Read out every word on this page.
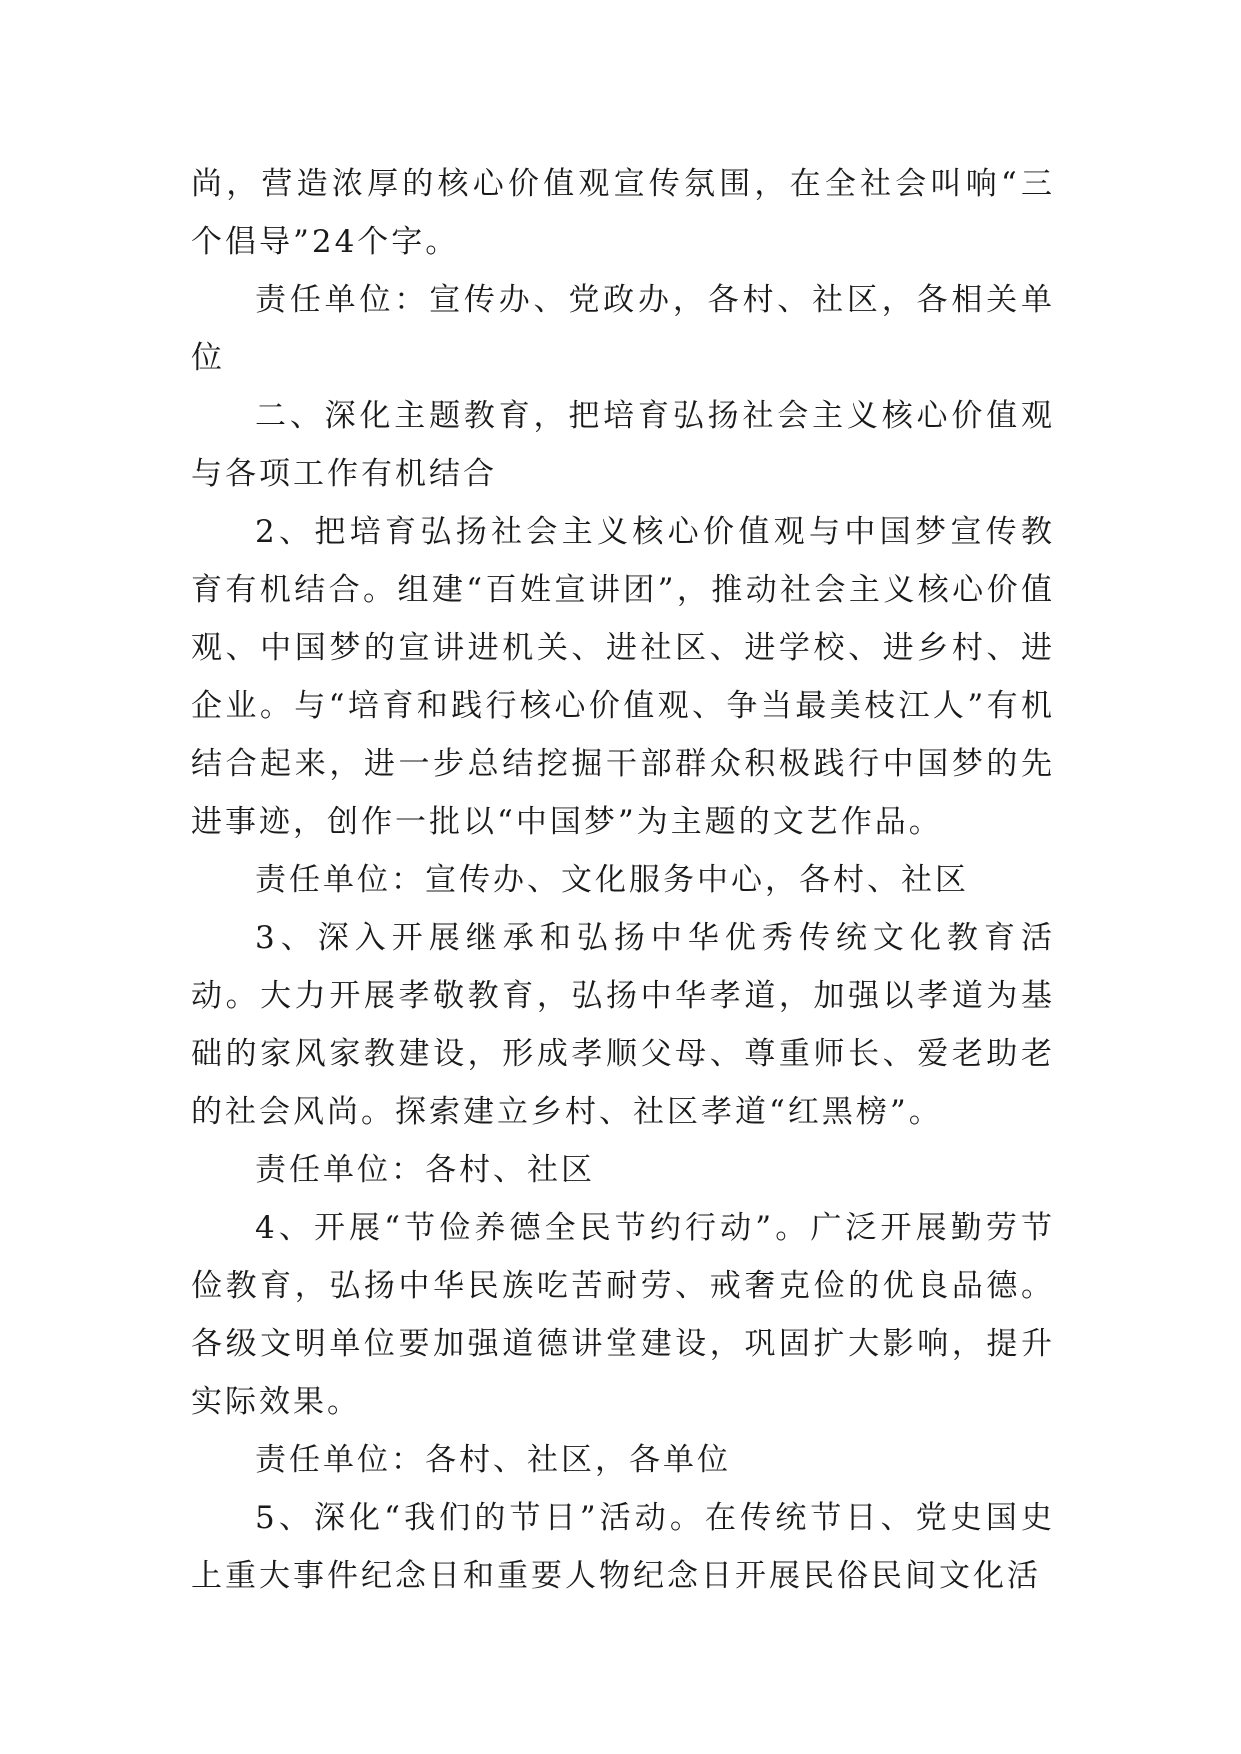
尚，营造浓厚的核心价值观宣传氛围，在全社会叫响“三个倡导”24个字。

责任单位：宣传办、党政办，各村、社区，各相关单位

二、深化主题教育，把培育弘扬社会主义核心价值观与各项工作有机结合

2、把培育弘扬社会主义核心价值观与中国梦宣传教育有机结合。组建“百姓宣讲团”，推动社会主义核心价值观、中国梦的宣讲进机关、进社区、进学校、进乡村、进企业。与“培育和践行核心价值观、争当最美枝江人”有机结合起来，进一步总结挖掘干部群众积极践行中国梦的先进事迹，创作一批以“中国梦”为主题的文艺作品。

责任单位：宣传办、文化服务中心，各村、社区

3、深入开展继承和弘扬中华优秀传统文化教育活动。大力开展孝敬教育，弘扬中华孝道，加强以孝道为基础的家风家教建设，形成孝顺父母、尊重师长、爱老助老的社会风尚。探索建立乡村、社区孝道“红黑榜”。

责任单位：各村、社区

4、开展“节俭养德全民节约行动”。广泛开展勤劳节俭教育，弘扬中华民族吃苦耐劳、戒奢克俭的优良品德。各级文明单位要加强道德讲堂建设，巩固扩大影响，提升实际效果。

责任单位：各村、社区，各单位

5、深化“我们的节日”活动。在传统节日、党史国史上重大事件纪念日和重要人物纪念日开展民俗民间文化活
